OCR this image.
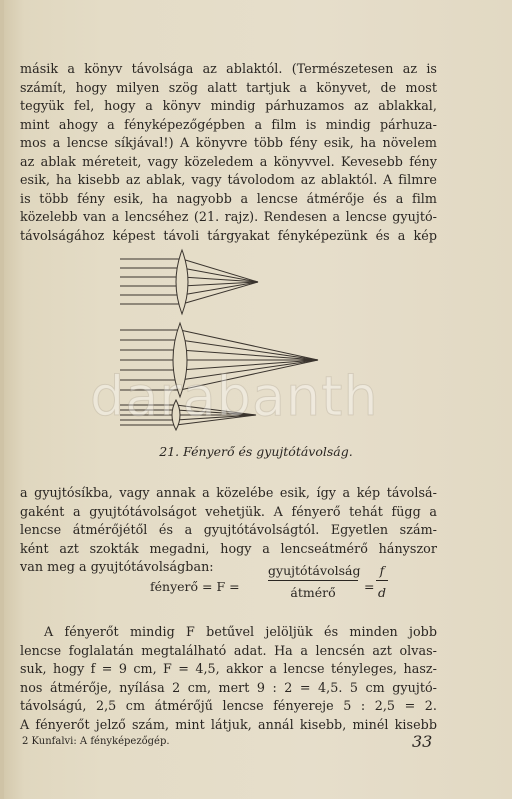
másik a könyv távolsága az ablaktól. (Természetesen az is
számít, hogy milyen szög alatt tartjuk a könyvet, de most
tegyük fel, hogy a könyv mindig párhuzamos az ablakkal,
mint ahogy a fényképezőgépben a film is mindig párhuza-
mos a lencse síkjával!) A könyvre több fény esik, ha növelem
az ablak méreteit, vagy közeledem a könyvvel. Kevesebb fény
esik, ha kisebb az ablak, vagy távolodom az ablaktól. A filmre
is több fény esik, ha nagyobb a lencse átmérője és a film
közelebb van a lencséhez (21. rajz). Rendesen a lencse gyujtó-
távolságához képest távoli tárgyakat fényképezünk és a kép
darabanth
21. Fényerő és gyujtótávolság.
a gyujtósíkba, vagy annak a közelébe esik, így a kép távolsá-
gaként a gyujtótávolságot vehetjük. A fényerő tehát függ a
lencse átmérőjétől és a gyujtótávolságtól. Egyetlen szám-
ként azt szokták megadni, hogy a lencseátmérő hányszor
van meg a gyujtótávolságban:
fényerő = F =
gyujtótávolság
átmérő	= $\frac{f}{d}$
A fényerőt mindig F betűvel jelöljük és minden jobb
lencse foglalatán megtalálható adat. Ha a lencsén azt olvas-
suk, hogy f = 9 cm, F = 4,5, akkor a lencse tényleges, hasz-
nos átmérője, nyílása 2 cm, mert 9 : 2 = 4,5. 5 cm gyujtó-
távolságú, 2,5 cm átmérőjű lencse fényereje 5 : 2,5 = 2.
A fényerőt jelző szám, mint látjuk, annál kisebb, minél kisebb
2 Kunfalvi: A fényképezőgép.	33
